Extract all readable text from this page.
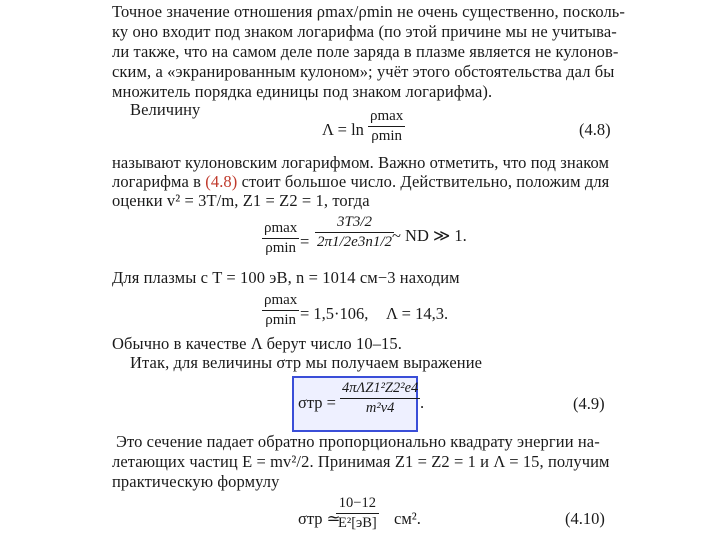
Точное значение отношения ρmax/ρmin не очень существенно, посколь-
ку оно входит под знаком логарифма (по этой причине мы не учитыва-
ли также, что на самом деле поле заряда в плазме является не кулонов-
ским, а «экранированным кулоном»; учёт этого обстоятельства дал бы
множитель порядка единицы под знаком логарифма).
Величину
Λ = ln
ρmax
ρmin	(4.8)
называют кулоновским логарифмом. Важно отметить, что под знаком
логарифма в (4.8) стоит большое число. Действительно, положим для
оценки v² = 3T/m, Z1 = Z2 = 1, тогда
ρmax
ρmin =
3T3/2
2π1/2e3n1/2 ~ ND ≫ 1.
Для плазмы с T = 100 эВ, n = 1014 см−3 находим
ρmax
ρmin = 1,5·106, Λ = 14,3.
Обычно в качестве Λ берут число 10–15.
Итак, для величины σтр мы получаем выражение
σтр =
4πΛZ1²Z2²e4
m²v4	.	(4.9)
Это сечение падает обратно пропорционально квадрату энергии на-
летающих частиц E = mv²/2. Принимая Z1 = Z2 = 1 и Λ = 15, получим
практическую формулу
σтр ≃
10−12
E²[эВ] см².	(4.10)
